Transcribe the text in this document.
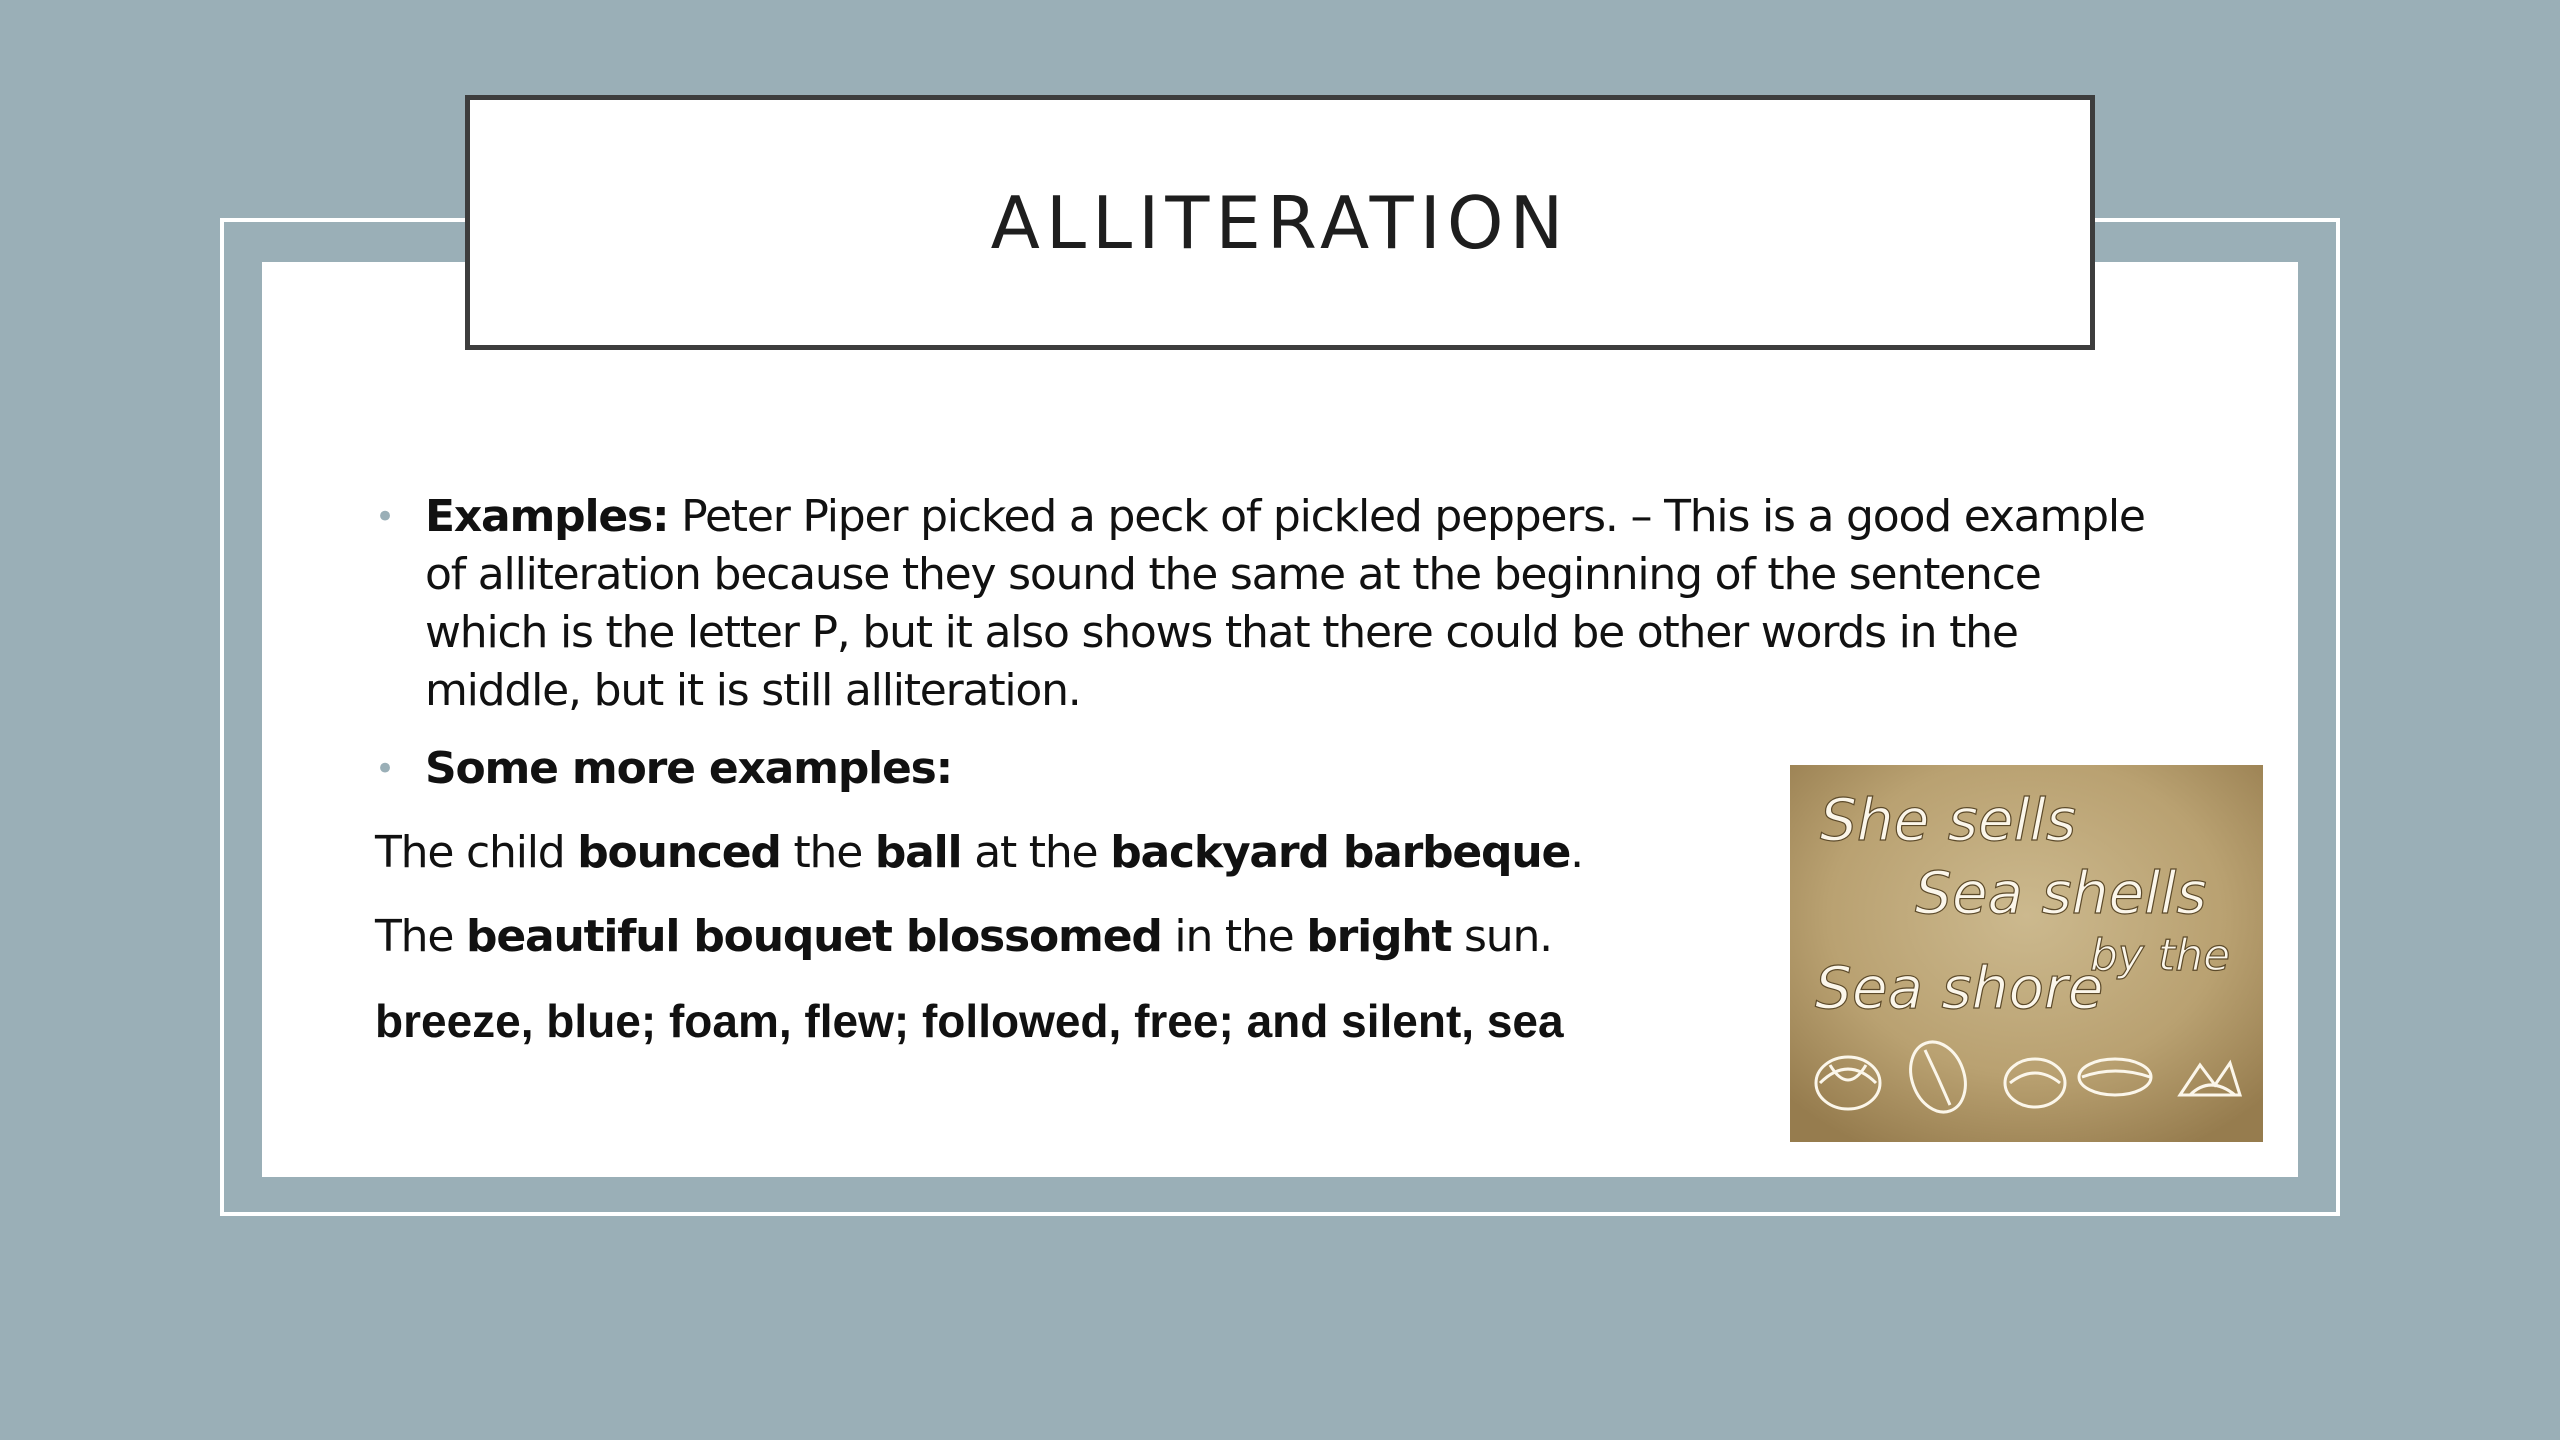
ALLITERATION
• Examples: Peter Piper picked a peck of pickled peppers. – This is a good example of alliteration because they sound the same at the beginning of the sentence which is the letter P, but it also shows that there could be other words in the middle, but it is still alliteration.
• Some more examples:
The child bounced the ball at the backyard barbeque.
The beautiful bouquet blossomed in the bright sun.
breeze, blue; foam, flew; followed, free; and silent, sea
She sells
Sea shells
by the
Sea shore
